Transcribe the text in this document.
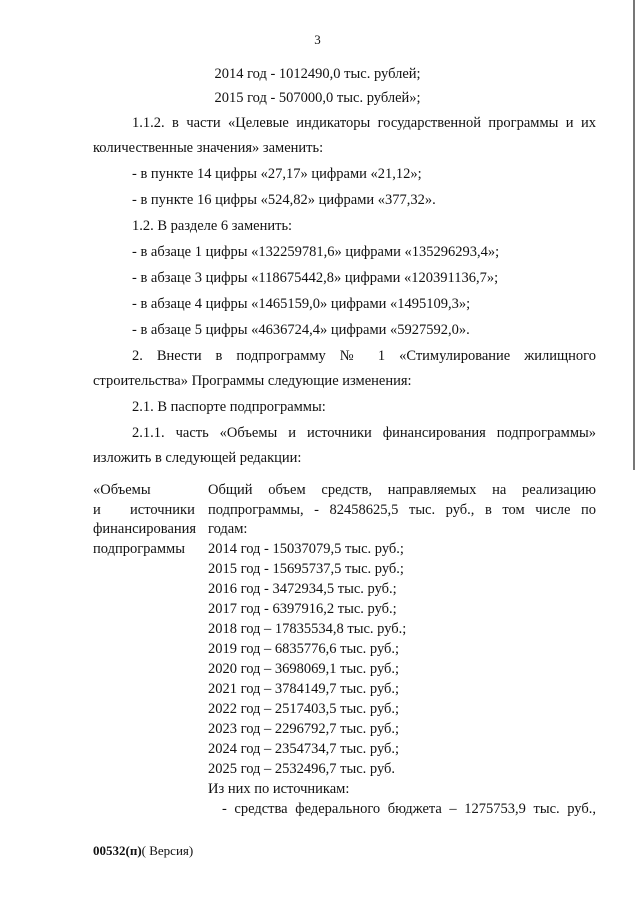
3
2014 год - 1012490,0 тыс. рублей;
2015 год - 507000,0 тыс. рублей»;
1.1.2. в части «Целевые индикаторы государственной программы и их
количественные значения» заменить:
- в пункте 14 цифры «27,17» цифрами «21,12»;
- в пункте 16 цифры «524,82» цифрами «377,32».
1.2. В разделе 6 заменить:
- в абзаце 1 цифры «132259781,6» цифрами «135296293,4»;
- в абзаце 3 цифры «118675442,8» цифрами «120391136,7»;
- в абзаце 4 цифры «1465159,0» цифрами «1495109,3»;
- в абзаце 5 цифры «4636724,4» цифрами «5927592,0».
2. Внести в подпрограмму № 1 «Стимулирование жилищного
строительства» Программы следующие изменения:
2.1. В паспорте подпрограммы:
2.1.1. часть «Объемы и источники финансирования подпрограммы»
изложить в следующей редакции:
«Объемы
и источники
финансирования
подпрограммы
Общий объем средств, направляемых на реализацию
подпрограммы, - 82458625,5 тыс. руб., в том числе по
годам:
2014 год - 15037079,5 тыс. руб.;
2015 год - 15695737,5 тыс. руб.;
2016 год - 3472934,5 тыс. руб.;
2017 год - 6397916,2 тыс. руб.;
2018 год – 17835534,8 тыс. руб.;
2019 год – 6835776,6 тыс. руб.;
2020 год – 3698069,1 тыс. руб.;
2021 год – 3784149,7 тыс. руб.;
2022 год – 2517403,5 тыс. руб.;
2023 год – 2296792,7 тыс. руб.;
2024 год – 2354734,7 тыс. руб.;
2025 год – 2532496,7 тыс. руб.
Из них по источникам:
- средства федерального бюджета – 1275753,9 тыс. руб.,
00532(п)( Версия)
